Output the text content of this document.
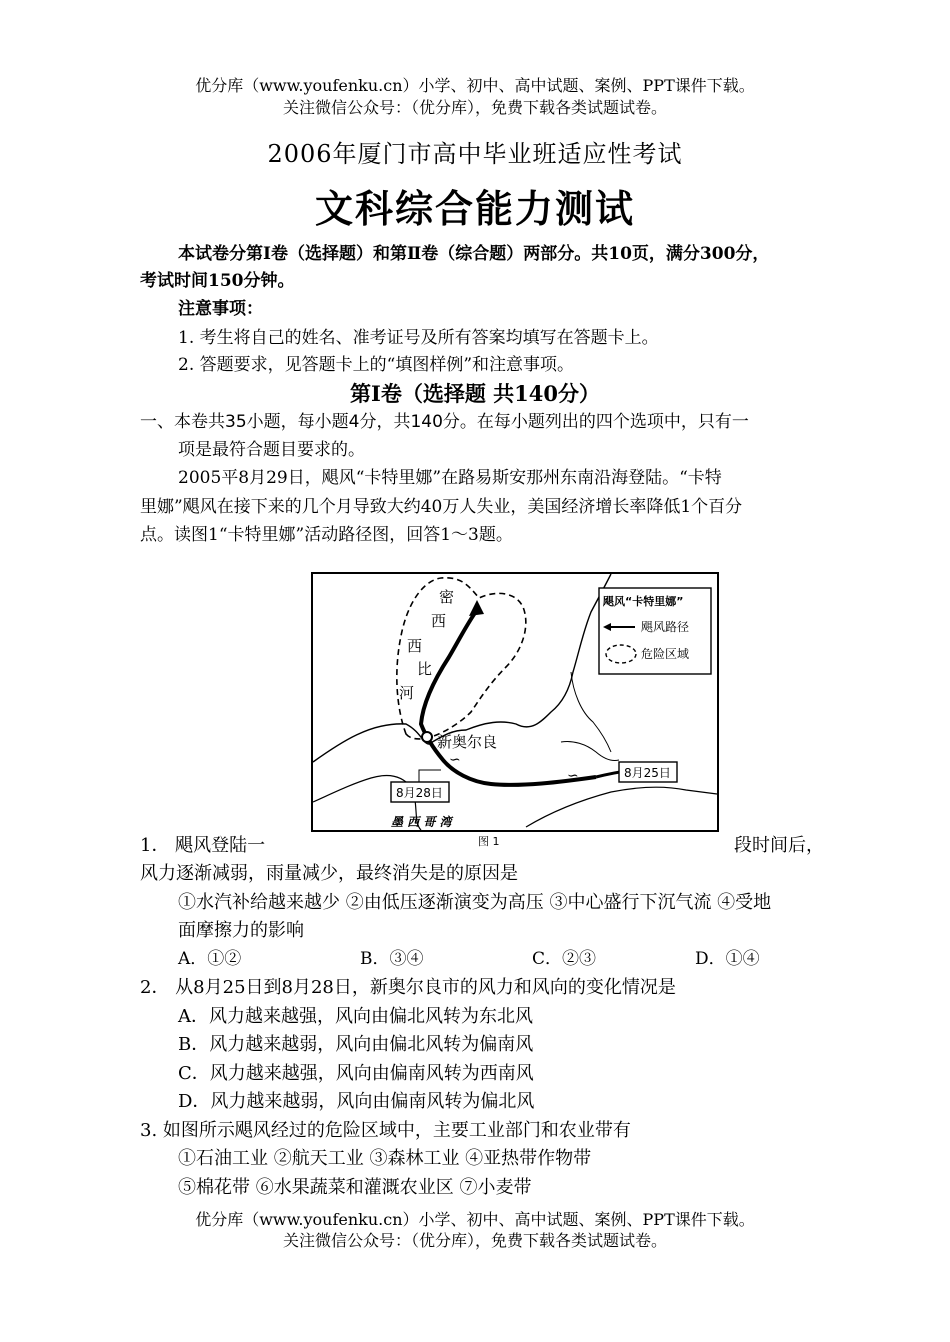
优分库（www.youfenku.cn）小学、初中、高中试题、案例、PPT课件下载。
关注微信公众号：（优分库），免费下载各类试题试卷。
2006年厦门市高中毕业班适应性考试
文科综合能力测试
本试卷分第Ⅰ卷（选择题）和第Ⅱ卷（综合题）两部分。共10页，满分300分，
考试时间150分钟。
注意事项：
1. 考生将自己的姓名、准考证号及所有答案均填写在答题卡上。
2. 答题要求，见答题卡上的“填图样例”和注意事项。
第Ⅰ卷（选择题 共140分）
一、本卷共35小题，每小题4分，共140分。在每小题列出的四个选项中，只有一
项是最符合题目要求的。
2005平8月29日，飓风“卡特里娜”在路易斯安那州东南沿海登陆。“卡特
里娜”飓风在接下来的几个月导致大约40万人失业，美国经济增长率降低1个百分
点。读图1“卡特里娜”活动路径图，回答1～3题。
∽
∽
密
西
西
比
河
新奥尔良
8月25日
8月28日
墨 西 哥 湾
飓风“卡特里娜”
飓风路径
危险区域
图 1
1． 飓风登陆一	段时间后，
风力逐渐减弱，雨量减少，最终消失是的原因是
①水汽补给越来越少 ②由低压逐渐演变为高压 ③中心盛行下沉气流 ④受地
面摩擦力的影响
A．①②	B．③④	C．②③	D．①④
2． 从8月25日到8月28日，新奥尔良市的风力和风向的变化情况是
A．风力越来越强，风向由偏北风转为东北风
B．风力越来越弱，风向由偏北风转为偏南风
C．风力越来越强，风向由偏南风转为西南风
D．风力越来越弱，风向由偏南风转为偏北风
3. 如图所示飓风经过的危险区域中，主要工业部门和农业带有
①石油工业 ②航天工业 ③森林工业 ④亚热带作物带
⑤棉花带 ⑥水果蔬菜和灌溉农业区 ⑦小麦带
优分库（www.youfenku.cn）小学、初中、高中试题、案例、PPT课件下载。
关注微信公众号：（优分库），免费下载各类试题试卷。
